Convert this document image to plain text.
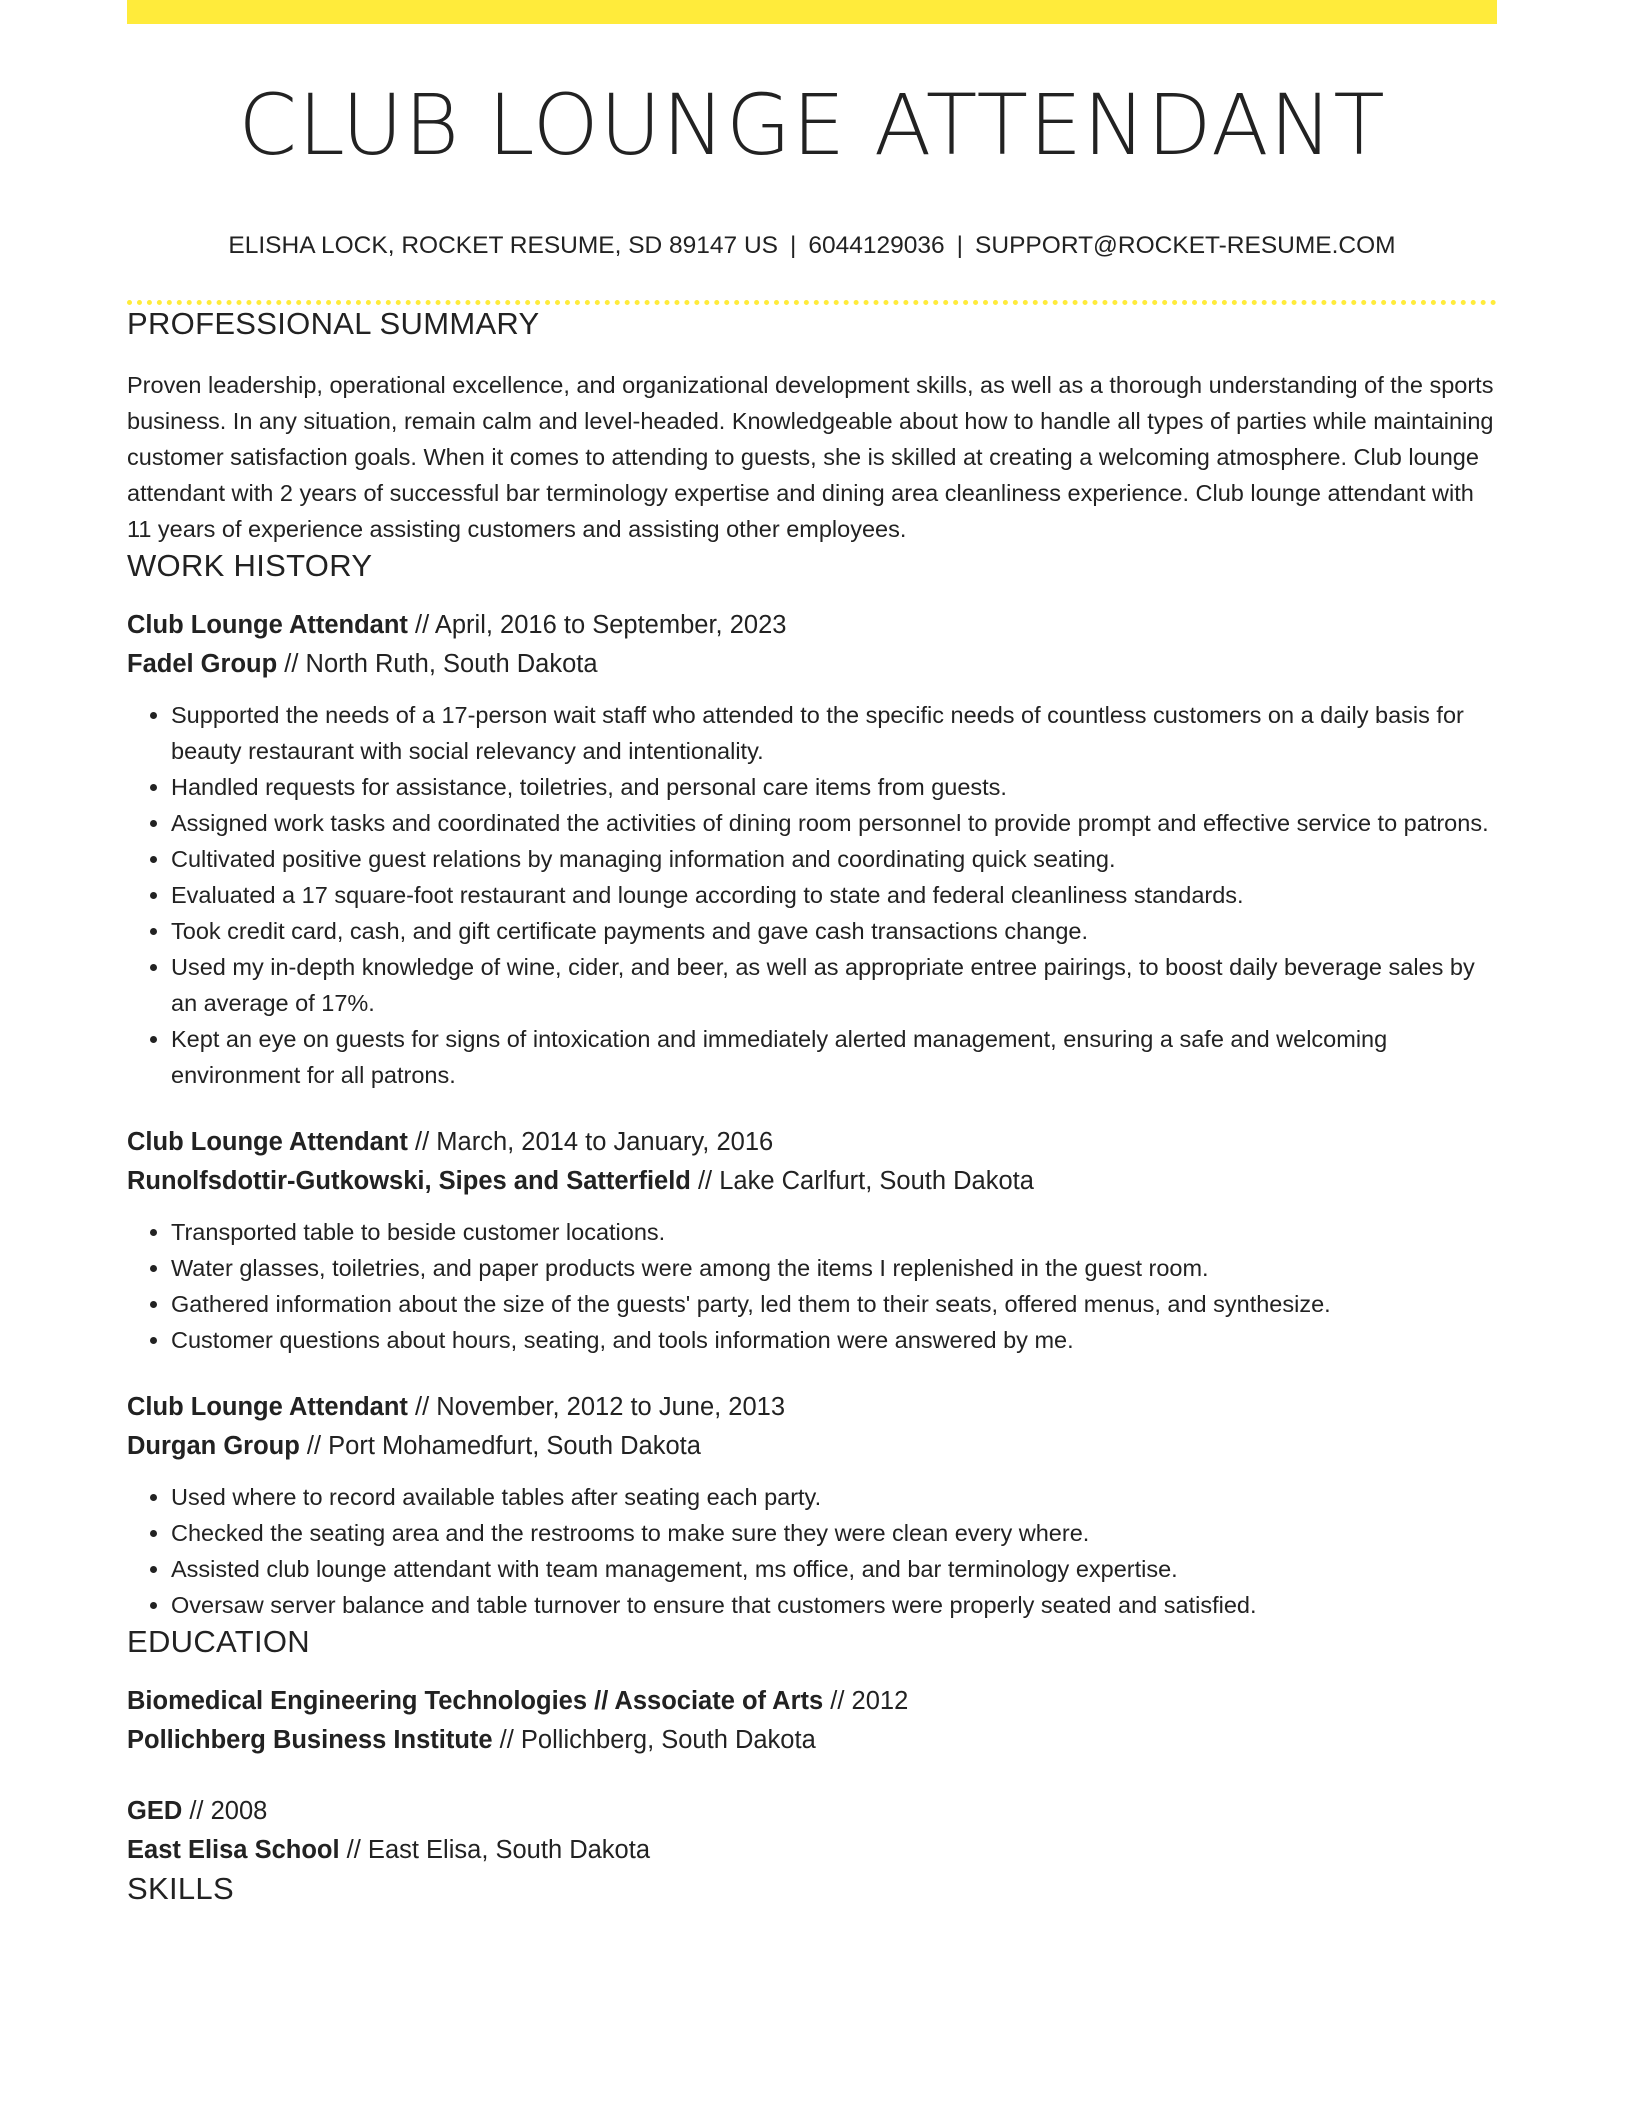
CLUB LOUNGE ATTENDANT
ELISHA LOCK, ROCKET RESUME, SD 89147 US | 6044129036 | SUPPORT@ROCKET-RESUME.COM
PROFESSIONAL SUMMARY
Proven leadership, operational excellence, and organizational development skills, as well as a thorough understanding of the sports business. In any situation, remain calm and level-headed. Knowledgeable about how to handle all types of parties while maintaining customer satisfaction goals. When it comes to attending to guests, she is skilled at creating a welcoming atmosphere. Club lounge attendant with 2 years of successful bar terminology expertise and dining area cleanliness experience. Club lounge attendant with 11 years of experience assisting customers and assisting other employees.
WORK HISTORY
Club Lounge Attendant // April, 2016 to September, 2023
Fadel Group // North Ruth, South Dakota
• Supported the needs of a 17-person wait staff who attended to the specific needs of countless customers on a daily basis for beauty restaurant with social relevancy and intentionality.
• Handled requests for assistance, toiletries, and personal care items from guests.
• Assigned work tasks and coordinated the activities of dining room personnel to provide prompt and effective service to patrons.
• Cultivated positive guest relations by managing information and coordinating quick seating.
• Evaluated a 17 square-foot restaurant and lounge according to state and federal cleanliness standards.
• Took credit card, cash, and gift certificate payments and gave cash transactions change.
• Used my in-depth knowledge of wine, cider, and beer, as well as appropriate entree pairings, to boost daily beverage sales by an average of 17%.
• Kept an eye on guests for signs of intoxication and immediately alerted management, ensuring a safe and welcoming environment for all patrons.
Club Lounge Attendant // March, 2014 to January, 2016
Runolfsdottir-Gutkowski, Sipes and Satterfield // Lake Carlfurt, South Dakota
• Transported table to beside customer locations.
• Water glasses, toiletries, and paper products were among the items I replenished in the guest room.
• Gathered information about the size of the guests' party, led them to their seats, offered menus, and synthesize.
• Customer questions about hours, seating, and tools information were answered by me.
Club Lounge Attendant // November, 2012 to June, 2013
Durgan Group // Port Mohamedfurt, South Dakota
• Used where to record available tables after seating each party.
• Checked the seating area and the restrooms to make sure they were clean every where.
• Assisted club lounge attendant with team management, ms office, and bar terminology expertise.
• Oversaw server balance and table turnover to ensure that customers were properly seated and satisfied.
EDUCATION
Biomedical Engineering Technologies // Associate of Arts // 2012
Pollichberg Business Institute // Pollichberg, South Dakota
GED // 2008
East Elisa School // East Elisa, South Dakota
SKILLS
